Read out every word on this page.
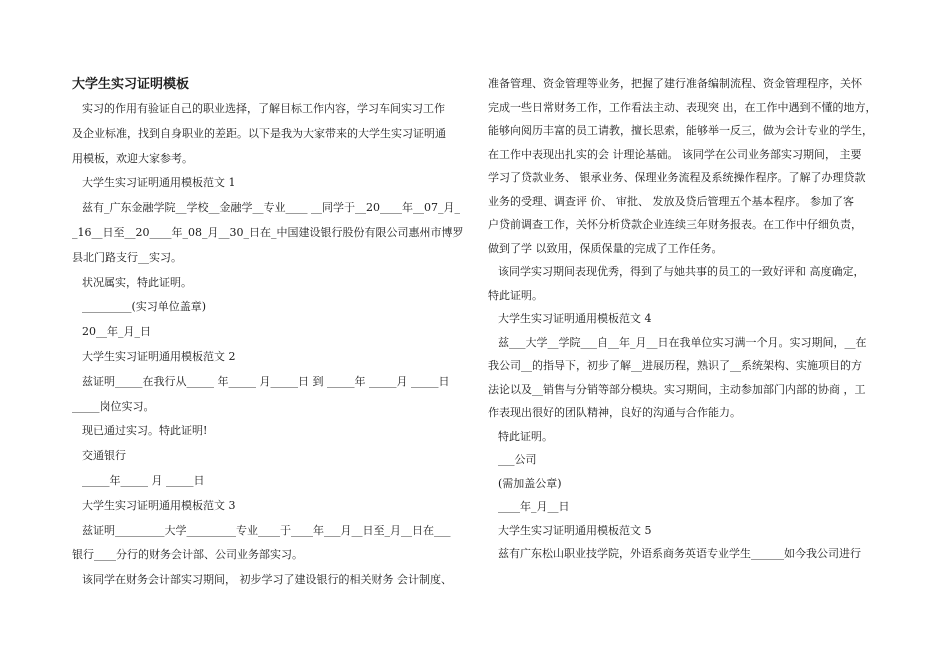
大学生实习证明模板

实习的作用有验证自己的职业选择，了解目标工作内容，学习车间实习工作

及企业标准，找到自身职业的差距。以下是我为大家带来的大学生实习证明通

用模板，欢迎大家参考。

大学生实习证明通用模板范文 1

兹有_广东金融学院__学校__金融学__专业____ __同学于__20____年__07_月_

_16__日至__20____年_08_月__30_日在_中国建设银行股份有限公司惠州市博罗

县北门路支行__实习。

状况属实，特此证明。

_________(实习单位盖章)

20__年_月_日

大学生实习证明通用模板范文 2

兹证明_____在我行从_____ 年_____ 月_____日 到 _____年 _____月 _____日

_____岗位实习。

现已通过实习。特此证明!

交通银行

_____年_____ 月 _____日

大学生实习证明通用模板范文 3

兹证明_________大学_________专业____于____年___月__日至_月__日在___

银行____分行的财务会计部、公司业务部实习。

该同学在财务会计部实习期间， 初步学习了建设银行的相关财务 会计制度、

准备管理、资金管理等业务，把握了建行准备编制流程、资金管理程序，关怀

完成一些日常财务工作，工作看法主动、表现突 出，在工作中遇到不懂的地方，

能够向阅历丰富的员工请教，擅长思索，能够举一反三，做为会计专业的学生，

在工作中表现出扎实的会 计理论基础。 该同学在公司业务部实习期间， 主要

学习了贷款业务、 银承业务、保理业务流程及系统操作程序。了解了办理贷款

业务的受理、调查评 价、 审批、 发放及贷后管理五个基本程序。 参加了客

户贷前调查工作，关怀分析贷款企业连续三年财务报表。在工作中仔细负责，

做到了学 以致用，保质保量的完成了工作任务。

该同学实习期间表现优秀，得到了与她共事的员工的一致好评和 高度确定，

特此证明。

大学生实习证明通用模板范文 4

兹___大学__学院___自__年_月__日在我单位实习满一个月。实习期间，__在

我公司__的指导下，初步了解__进展历程，熟识了__系统架构、实施项目的方

法论以及__销售与分销等部分模块。实习期间，主动参加部门内部的协商 ，工

作表现出很好的团队精神，良好的沟通与合作能力。

特此证明。

___公司

(需加盖公章)

____年_月__日

大学生实习证明通用模板范文 5

兹有广东松山职业技学院，外语系商务英语专业学生______如今我公司进行
